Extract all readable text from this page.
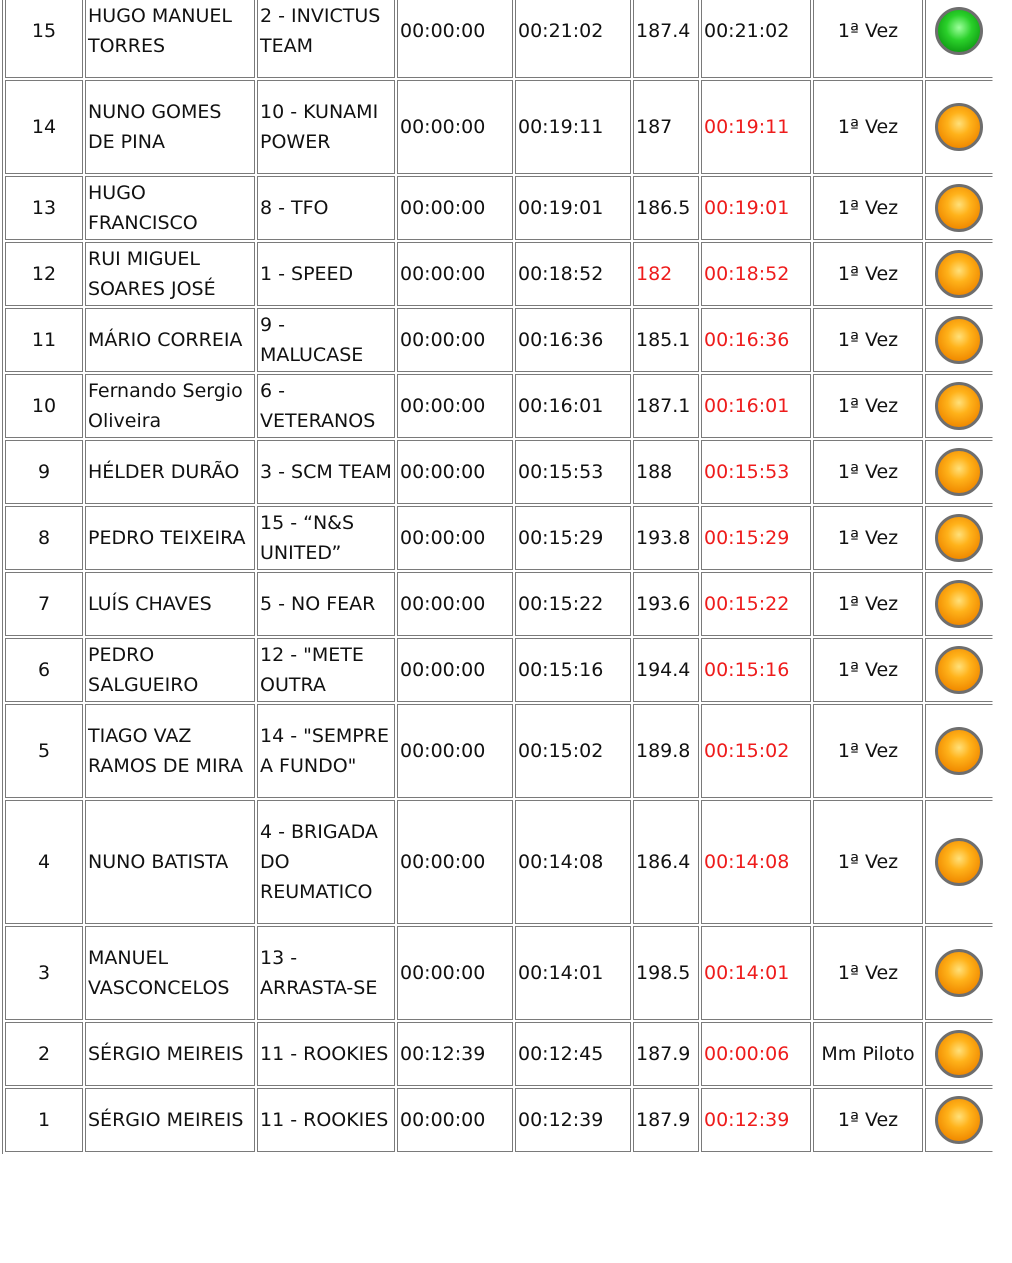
15	HUGO MANUEL TORRES	2 - INVICTUS TEAM	00:00:00	00:21:02	187.4	00:21:02	1ª Vez	
14	NUNO GOMES DE PINA	10 - KUNAMI POWER	00:00:00	00:19:11	187	00:19:11	1ª Vez	
13	HUGO FRANCISCO	8 - TFO	00:00:00	00:19:01	186.5	00:19:01	1ª Vez	
12	RUI MIGUEL SOARES JOSÉ	1 - SPEED	00:00:00	00:18:52	182	00:18:52	1ª Vez	
11	MÁRIO CORREIA	9 - MALUCASE	00:00:00	00:16:36	185.1	00:16:36	1ª Vez	
10	Fernando Sergio Oliveira	6 - VETERANOS	00:00:00	00:16:01	187.1	00:16:01	1ª Vez	
9	HÉLDER DURÃO	3 - SCM TEAM	00:00:00	00:15:53	188	00:15:53	1ª Vez	
8	PEDRO TEIXEIRA	15 - “N&S UNITED”	00:00:00	00:15:29	193.8	00:15:29	1ª Vez	
7	LUÍS CHAVES	5 - NO FEAR	00:00:00	00:15:22	193.6	00:15:22	1ª Vez	
6	PEDRO SALGUEIRO	12 - "METE OUTRA	00:00:00	00:15:16	194.4	00:15:16	1ª Vez	
5	TIAGO VAZ RAMOS DE MIRA	14 - "SEMPRE A FUNDO"	00:00:00	00:15:02	189.8	00:15:02	1ª Vez	
4	NUNO BATISTA	4 - BRIGADA DO REUMATICO	00:00:00	00:14:08	186.4	00:14:08	1ª Vez	
3	MANUEL VASCONCELOS	13 - ARRASTA-SE	00:00:00	00:14:01	198.5	00:14:01	1ª Vez	
2	SÉRGIO MEIREIS	11 - ROOKIES	00:12:39	00:12:45	187.9	00:00:06	Mm Piloto	
1	SÉRGIO MEIREIS	11 - ROOKIES	00:00:00	00:12:39	187.9	00:12:39	1ª Vez	
